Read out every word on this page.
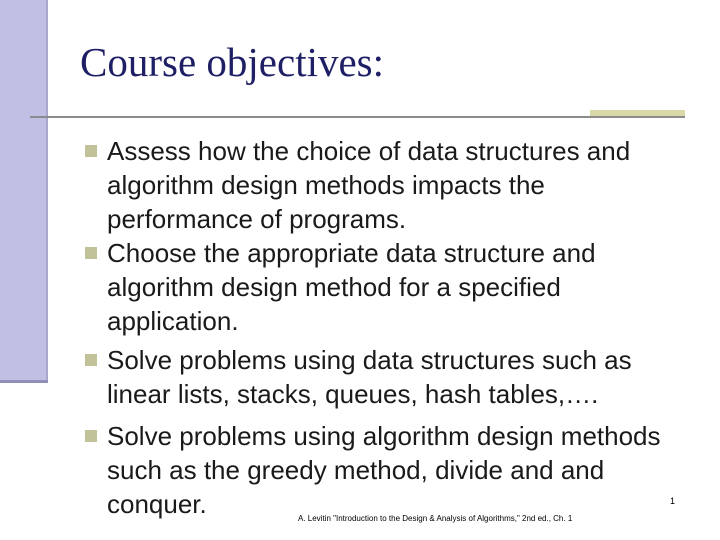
Course objectives:
Assess how the choice of data structures and algorithm design methods impacts the performance of programs.
Choose the appropriate data structure and algorithm design method for a specified application.
Solve problems using data structures such as linear lists, stacks, queues, hash tables,….
Solve problems using algorithm design methods such as the greedy method, divide and and conquer.	A. Levitin "Introduction to the Design & Analysis of Algorithms," 2nd ed., Ch. 1
1
